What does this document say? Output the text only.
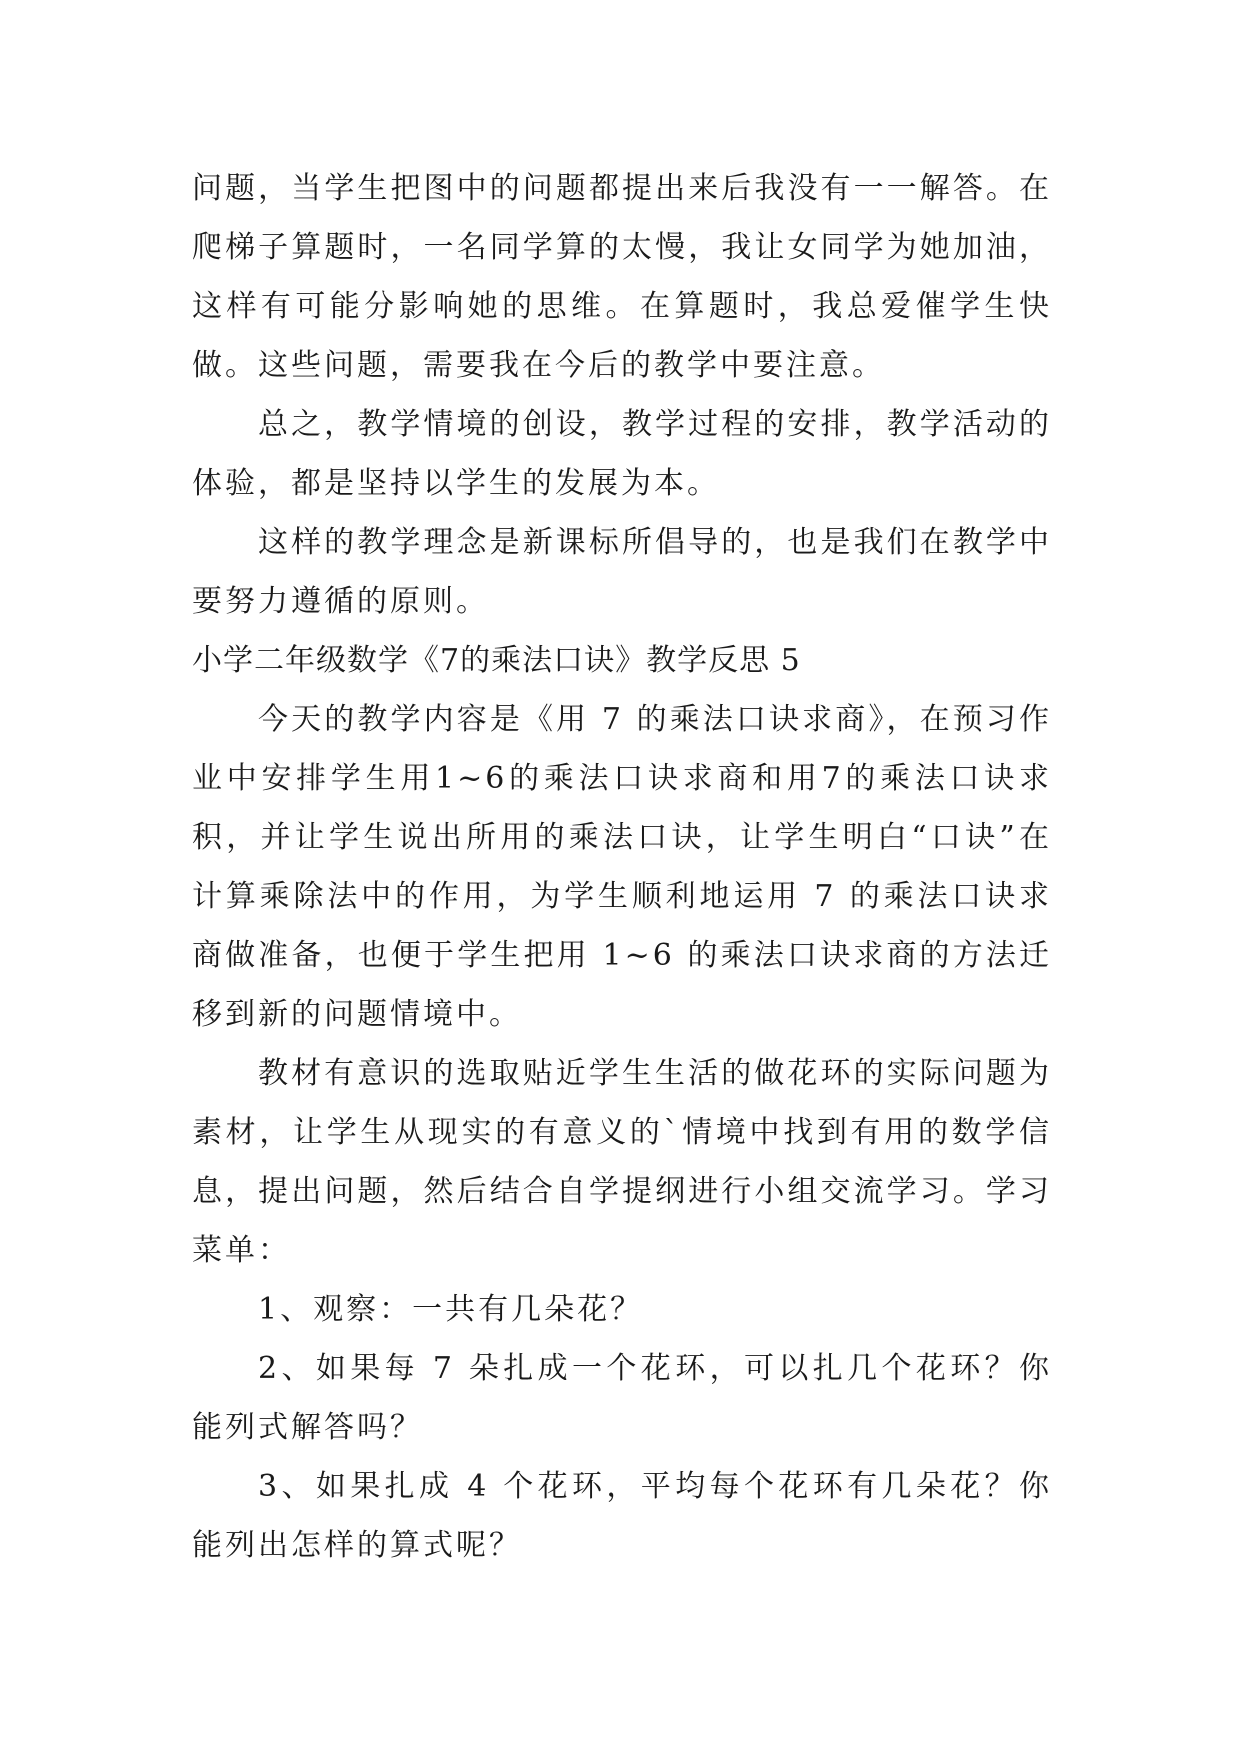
问题，当学生把图中的问题都提出来后我没有一一解答。在爬梯子算题时，一名同学算的太慢，我让女同学为她加油，这样有可能分影响她的思维。在算题时，我总爱催学生快做。这些问题，需要我在今后的教学中要注意。

总之，教学情境的创设，教学过程的安排，教学活动的体验，都是坚持以学生的发展为本。

这样的教学理念是新课标所倡导的，也是我们在教学中要努力遵循的原则。

小学二年级数学《7的乘法口诀》教学反思 5

今天的教学内容是《用 7 的乘法口诀求商》，在预习作业中安排学生用1~6的乘法口诀求商和用7的乘法口诀求积，并让学生说出所用的乘法口诀，让学生明白“口诀”在计算乘除法中的作用，为学生顺利地运用 7 的乘法口诀求商做准备，也便于学生把用 1~6 的乘法口诀求商的方法迁移到新的问题情境中。

教材有意识的选取贴近学生生活的做花环的实际问题为素材，让学生从现实的有意义的`情境中找到有用的数学信息，提出问题，然后结合自学提纲进行小组交流学习。学习菜单：

1、观察：一共有几朵花？

2、如果每 7 朵扎成一个花环，可以扎几个花环？你能列式解答吗？

3、如果扎成 4 个花环，平均每个花环有几朵花？你能列出怎样的算式呢？
